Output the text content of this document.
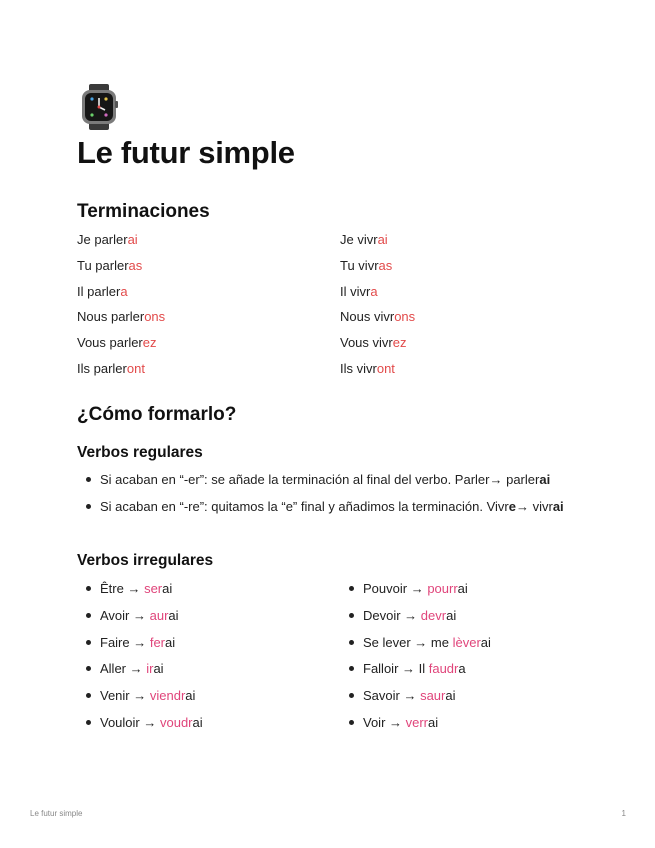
Le futur simple
Terminaciones
Je parlerai
Tu parleras
Il parlera
Nous parlerons
Vous parlerez
Ils parleront
Je vivrai
Tu vivras
Il vivra
Nous vivrons
Vous vivrez
Ils vivront
¿Cómo formarlo?
Verbos regulares
Si acaban en “-er”: se añade la terminación al final del verbo. Parler→ parlerai
Si acaban en “-re”: quitamos la “e” final y añadimos la terminación. Vivre→ vivrai
Verbos irregulares
Être → serai
Avoir → aurai
Faire → ferai
Aller → irai
Venir → viendrai
Vouloir → voudrai
Pouvoir → pourrai
Devoir → devrai
Se lever → me lèverai
Falloir → Il faudra
Savoir → saurai
Voir → verrai
Le futur simple	1
